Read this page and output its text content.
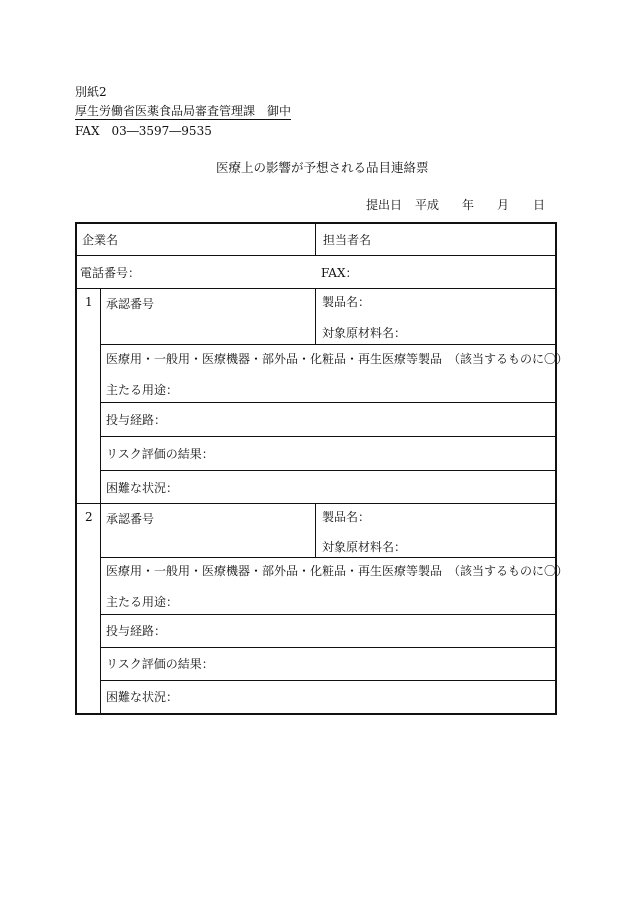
別紙2
厚生労働省医薬食品局審査管理課　御中
FAX　03―3597―9535
医療上の影響が予想される品目連絡票
提出日 平成 年 月 日
企業名	担当者名
電話番号：	FAX：
1 承認番号	製品名：
対象原材料名：
医療用・一般用・医療機器・部外品・化粧品・再生医療等製品　（該当するものに〇）
主たる用途：
投与経路：
リスク評価の結果：
困難な状況：
2 承認番号	製品名：
対象原材料名：
医療用・一般用・医療機器・部外品・化粧品・再生医療等製品　（該当するものに〇）
主たる用途：
投与経路：
リスク評価の結果：
困難な状況：
